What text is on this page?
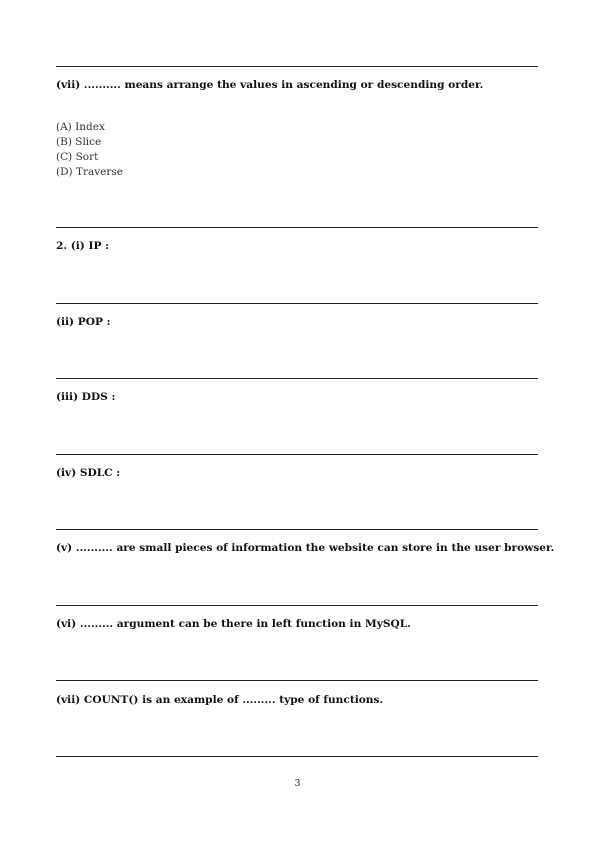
(vii) .......... means arrange the values in ascending or descending order.
(A) Index
(B) Slice
(C) Sort
(D) Traverse
2. (i) IP :
(ii) POP :
(iii) DDS :
(iv) SDLC :
(v) .......... are small pieces of information the website can store in the user browser.
(vi) ......... argument can be there in left function in MySQL.
(vii) COUNT() is an example of ......... type of functions.
3
